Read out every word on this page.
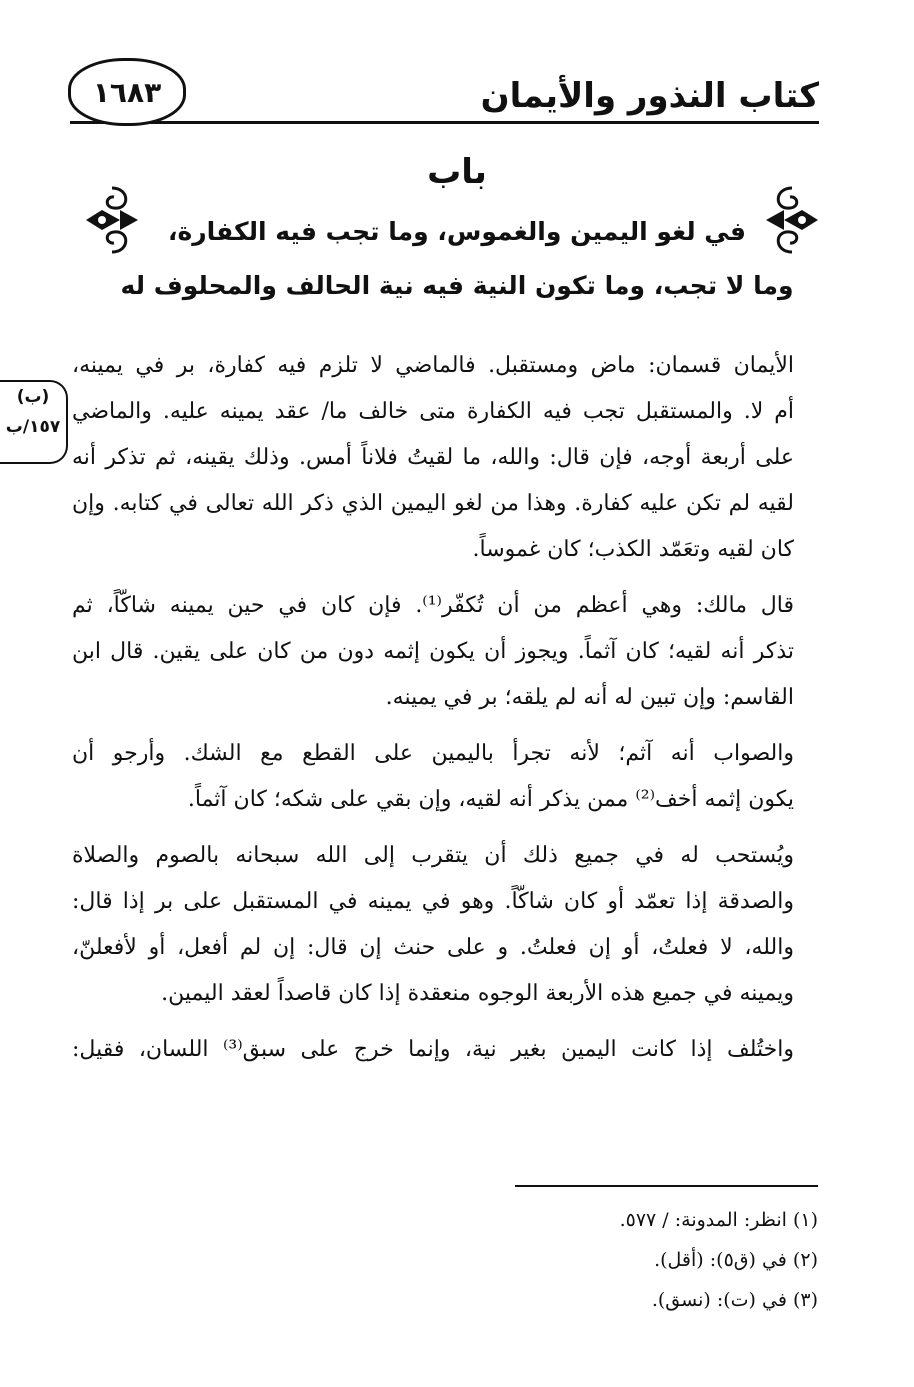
كتاب النذور والأيمان
١٦٨٣
باب
في لغو اليمين والغموس، وما تجب فيه الكفارة،
وما لا تجب، وما تكون النية فيه نية الحالف والمحلوف له
(ب)
١٥٧/ب
الأيمان قسمان: ماض ومستقبل. فالماضي لا تلزم فيه كفارة، بر في يمينه،
أم لا. والمستقبل تجب فيه الكفارة متى خالف ما/ عقد يمينه عليه. والماضي
على أربعة أوجه، فإن قال: والله، ما لقيتُ فلاناً أمس. وذلك يقينه، ثم تذكر أنه
لقيه لم تكن عليه كفارة. وهذا من لغو اليمين الذي ذكر الله تعالى في كتابه. وإن
كان لقيه وتعَمّد الكذب؛ كان غموساً.
قال مالك: وهي أعظم من أن تُكفّر⁽¹⁾. فإن كان في حين يمينه شاكّاً، ثم
تذكر أنه لقيه؛ كان آثماً. ويجوز أن يكون إثمه دون من كان على يقين. قال ابن
القاسم: وإن تبين له أنه لم يلقه؛ بر في يمينه.
والصواب أنه آثم؛ لأنه تجرأ باليمين على القطع مع الشك. وأرجو أن
يكون إثمه أخف⁽²⁾ ممن يذكر أنه لقيه، وإن بقي على شكه؛ كان آثماً.
ويُستحب له في جميع ذلك أن يتقرب إلى الله سبحانه بالصوم والصلاة
والصدقة إذا تعمّد أو كان شاكّاً. وهو في يمينه في المستقبل على بر إذا قال:
والله، لا فعلتُ، أو إن فعلتُ. و على حنث إن قال: إن لم أفعل، أو لأفعلنّ،
ويمينه في جميع هذه الأربعة الوجوه منعقدة إذا كان قاصداً لعقد اليمين.
واختُلف إذا كانت اليمين بغير نية، وإنما خرج على سبق⁽³⁾ اللسان، فقيل:
(١) انظر: المدونة: / ٥٧٧.
(٢) في (ق٥): (أقل).
(٣) في (ت): (نسق).
